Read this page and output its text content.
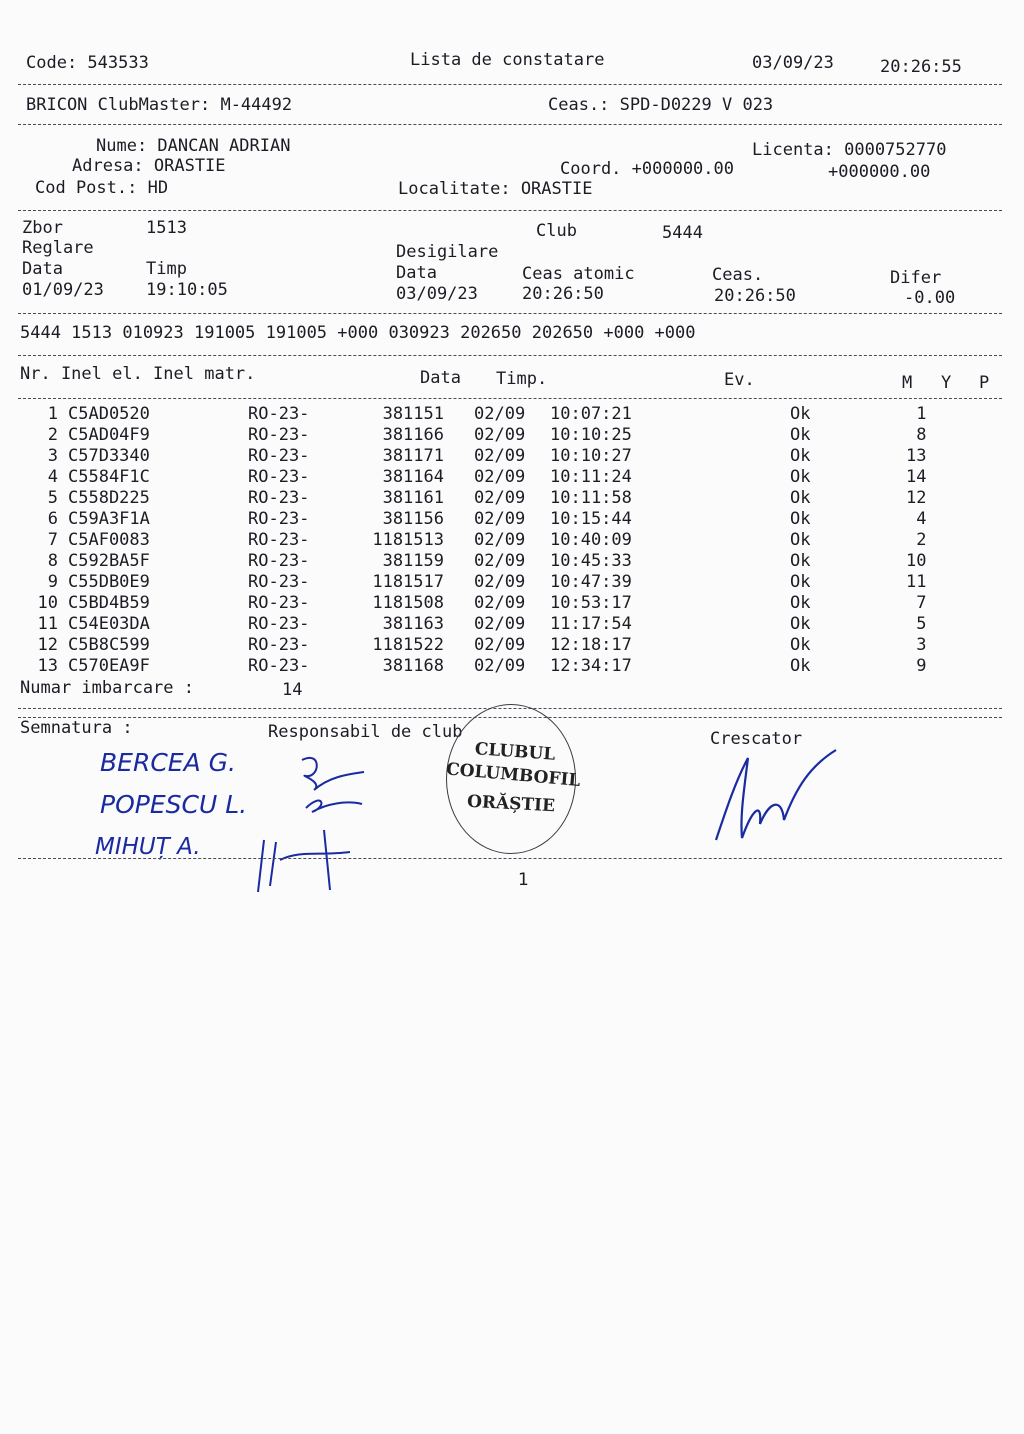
Code: 543533	Lista de constatare	03/09/23	20:26:55
BRICON ClubMaster: M-44492	Ceas.: SPD-D0229 V 023
Nume: DANCAN ADRIAN
Adresa: ORASTIE
Cod Post.: HD
Licenta: 0000752770
Coord. +000000.00	+000000.00
Localitate: ORASTIE
Zbor	1513	Club	5444
Reglare	Desigilare
Data	Timp	Data	Ceas atomic	Ceas.	Difer
01/09/23 19:10:05	03/09/23	20:26:50	20:26:50	-0.00
5444 1513 010923 191005 191005 +000 030923 202650 202650 +000 +000
Nr. Inel el. Inel matr.	Data Timp.	Ev.	M Y P
1	C5AD0520	RO-23-	381151	02/09	10:07:21	Ok	1
2	C5AD04F9	RO-23-	381166	02/09	10:10:25	Ok	8
3	C57D3340	RO-23-	381171	02/09	10:10:27	Ok	13
4	C5584F1C	RO-23-	381164	02/09	10:11:24	Ok	14
5	C558D225	RO-23-	381161	02/09	10:11:58	Ok	12
6	C59A3F1A	RO-23-	381156	02/09	10:15:44	Ok	4
7	C5AF0083	RO-23-	1181513	02/09	10:40:09	Ok	2
8	C592BA5F	RO-23-	381159	02/09	10:45:33	Ok	10
9	C55DB0E9	RO-23-	1181517	02/09	10:47:39	Ok	11
10	C5BD4B59	RO-23-	1181508	02/09	10:53:17	Ok	7
11	C54E03DA	RO-23-	381163	02/09	11:17:54	Ok	5
12	C5B8C599	RO-23-	1181522	02/09	12:18:17	Ok	3
13	C570EA9F	RO-23-	381168	02/09	12:34:17	Ok	9
Numar imbarcare :	14
Semnatura :	Responsabil de club	Crescator
BERCEA G.
POPESCU L.
MIHUȚ A.
CLUBUL
COLUMBOFIL
ORĂȘTIE
1
